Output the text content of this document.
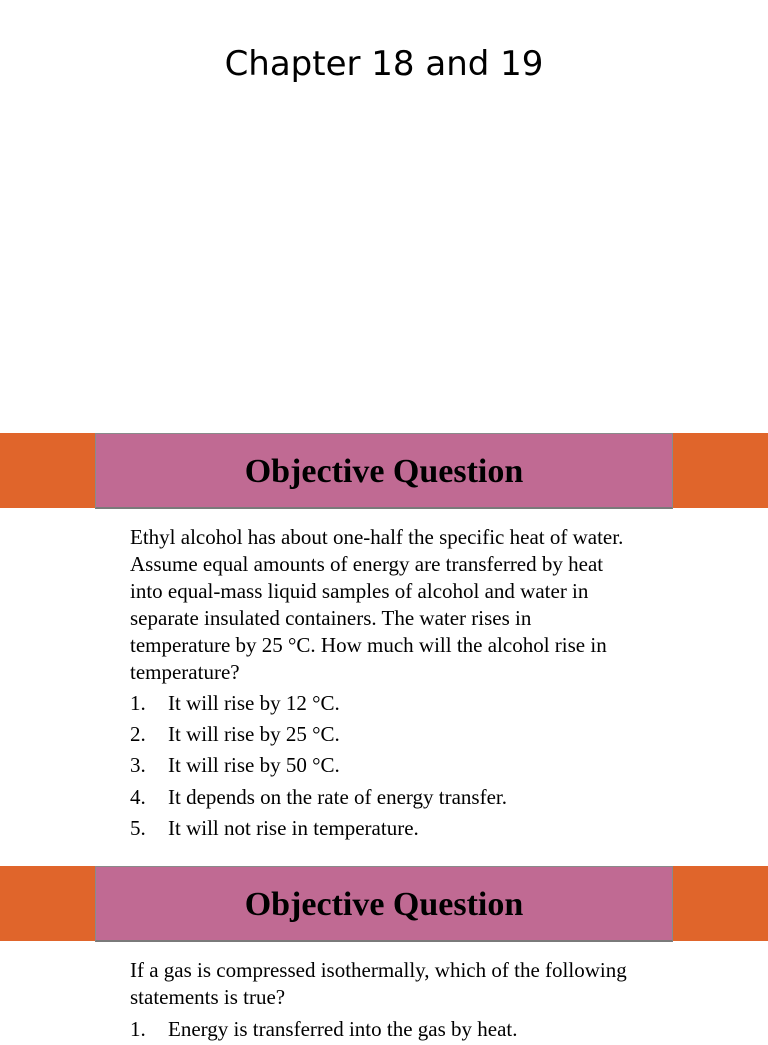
Chapter 18 and 19
Objective Question
Ethyl alcohol has about one-half the specific heat of water. Assume equal amounts of energy are transferred by heat into equal-mass liquid samples of alcohol and water in separate insulated containers. The water rises in temperature by 25 °C. How much will the alcohol rise in temperature?
1.	It will rise by 12 °C.
2.	It will rise by 25 °C.
3.	It will rise by 50 °C.
4.	It depends on the rate of energy transfer.
5.	It will not rise in temperature.
Objective Question
If a gas is compressed isothermally, which of the following statements is true?
1.	Energy is transferred into the gas by heat.
